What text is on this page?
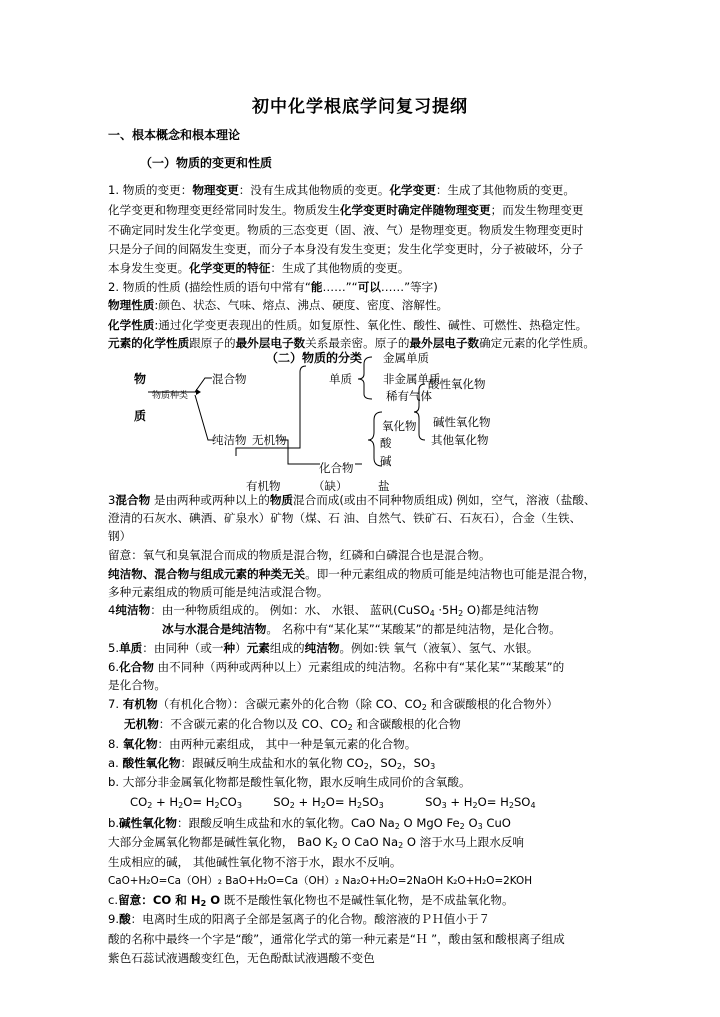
初中化学根底学问复习提纲
一、根本概念和根本理论
（一）物质的变更和性质
1. 物质的变更：物理变更：没有生成其他物质的变更。化学变更：生成了其他物质的变更。
化学变更和物理变更经常同时发生。物质发生化学变更时确定伴随物理变更；而发生物理变更
不确定同时发生化学变更。物质的三态变更（固、液、气）是物理变更。物质发生物理变更时
只是分子间的间隔发生变更，而分子本身没有发生变更；发生化学变更时，分子被破坏，分子
本身发生变更。化学变更的特征：生成了其他物质的变更。
2. 物质的性质 (描绘性质的语句中常有“能……”“可以……”等字)
物理性质:颜色、状态、气味、熔点、沸点、硬度、密度、溶解性。
化学性质:通过化学变更表现出的性质。如复原性、氧化性、酸性、碱性、可燃性、热稳定性。
元素的化学性质跟原子的最外层电子数关系最亲密。原子的最外层电子数确定元素的化学性质。
（二）物质的分类
物
质
物质种类
混合物
纯洁物
单质
金属单质
非金属单质
稀有气体
无机物
氧化物
酸性氧化物
碱性氧化物
其他氧化物
酸
碱
化合物
有机物	（缺）	盐
3混合物 是由两种或两种以上的物质混合而成(或由不同种物质组成) 例如，空气，溶液（盐酸、
澄清的石灰水、碘酒、矿泉水）矿物（煤、石 油、自然气、铁矿石、石灰石），合金（生铁、
钢）
留意：氧气和臭氧混合而成的物质是混合物，红磷和白磷混合也是混合物。
纯洁物、混合物与组成元素的种类无关。即一种元素组成的物质可能是纯洁物也可能是混合物，
多种元素组成的物质可能是纯洁或混合物。
4纯洁物：由一种物质组成的。 例如：水、 水银、 蓝矾(CuSO4 ·5H2 O)都是纯洁物
冰与水混合是纯洁物。 名称中有“某化某”“某酸某”的都是纯洁物，是化合物。
5.单质：由同种（或一种）元素组成的纯洁物。例如:铁 氧气（液氧）、氢气、水银。
6.化合物 由不同种（两种或两种以上）元素组成的纯洁物。名称中有“某化某”“某酸某”的
是化合物。
7. 有机物（有机化合物）：含碳元素外的化合物（除 CO、CO2 和含碳酸根的化合物外）
无机物：不含碳元素的化合物以及 CO、CO2 和含碳酸根的化合物
8. 氧化物：由两种元素组成， 其中一种是氧元素的化合物。
a. 酸性氧化物：跟碱反响生成盐和水的氧化物 CO2，SO2，SO3
b. 大部分非金属氧化物都是酸性氧化物，跟水反响生成同价的含氧酸。
CO2 + H2O= H2CO3	SO2 + H2O= H2SO3	SO3 + H2O= H2SO4
b.碱性氧化物：跟酸反响生成盐和水的氧化物。CaO Na2 O MgO Fe2 O3 CuO
大部分金属氧化物都是碱性氧化物， BaO K2 O CaO Na2 O 溶于水马上跟水反响
生成相应的碱， 其他碱性氧化物不溶于水，跟水不反响。
CaO+H₂O=Ca（OH）₂ BaO+H₂O=Ca（OH）₂ Na₂O+H₂O=2NaOH K₂O+H₂O=2KOH
c.留意：CO 和 H2 O 既不是酸性氧化物也不是碱性氧化物，是不成盐氧化物。
9.酸：电离时生成的阳离子全部是氢离子的化合物。酸溶液的ＰＨ值小于７
酸的名称中最终一个字是“酸”，通常化学式的第一种元素是“Ｈ ”，酸由氢和酸根离子组成
紫色石蕊试液遇酸变红色，无色酚酞试液遇酸不变色
